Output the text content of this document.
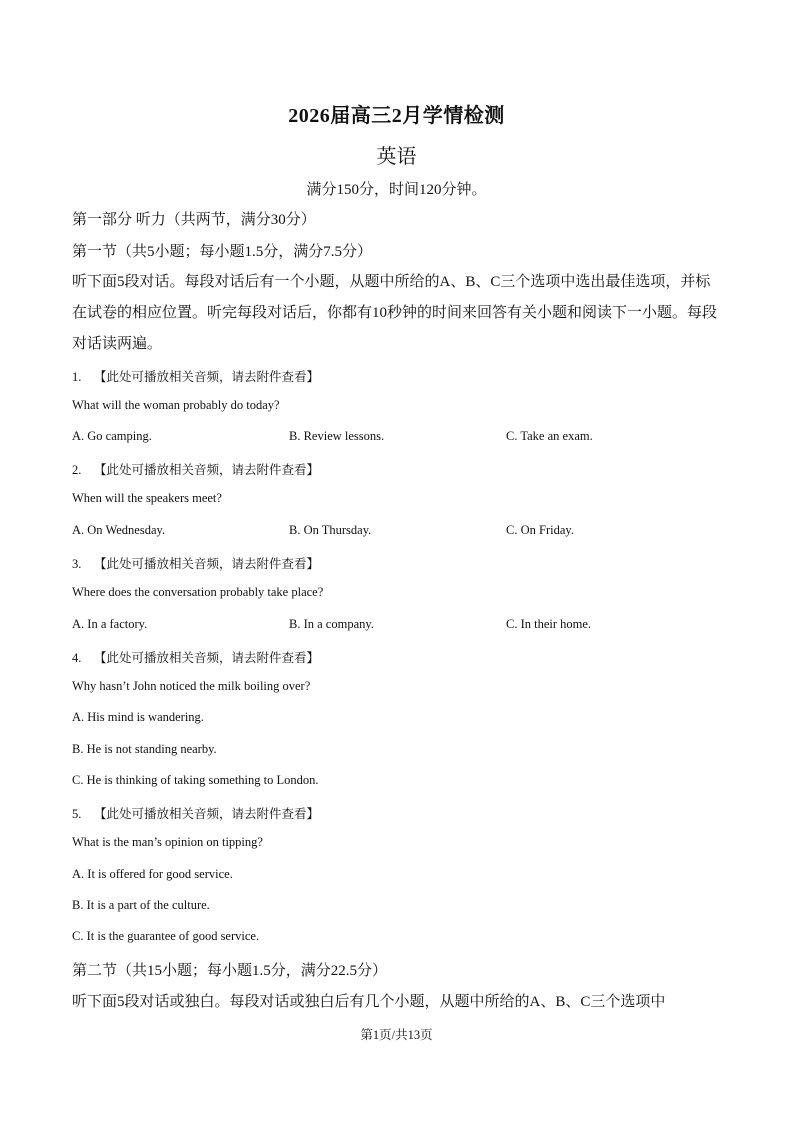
2026届高三2月学情检测
英语
满分150分，时间120分钟。
第一部分 听力（共两节，满分30分）
第一节（共5小题；每小题1.5分，满分7.5分）
听下面5段对话。每段对话后有一个小题，从题中所给的A、B、C三个选项中选出最佳选项，并标在试卷的相应位置。听完每段对话后，你都有10秒钟的时间来回答有关小题和阅读下一小题。每段对话读两遍。
1. 【此处可播放相关音频，请去附件查看】
What will the woman probably do today?
A. Go camping.	B. Review lessons.	C. Take an exam.
2. 【此处可播放相关音频，请去附件查看】
When will the speakers meet?
A. On Wednesday.	B. On Thursday.	C. On Friday.
3. 【此处可播放相关音频，请去附件查看】
Where does the conversation probably take place?
A. In a factory.	B. In a company.	C. In their home.
4. 【此处可播放相关音频，请去附件查看】
Why hasn’t John noticed the milk boiling over?
A. His mind is wandering.
B. He is not standing nearby.
C. He is thinking of taking something to London.
5. 【此处可播放相关音频，请去附件查看】
What is the man’s opinion on tipping?
A. It is offered for good service.
B. It is a part of the culture.
C. It is the guarantee of good service.
第二节（共15小题；每小题1.5分，满分22.5分）
听下面5段对话或独白。每段对话或独白后有几个小题，从题中所给的A、B、C三个选项中
第1页/共13页
